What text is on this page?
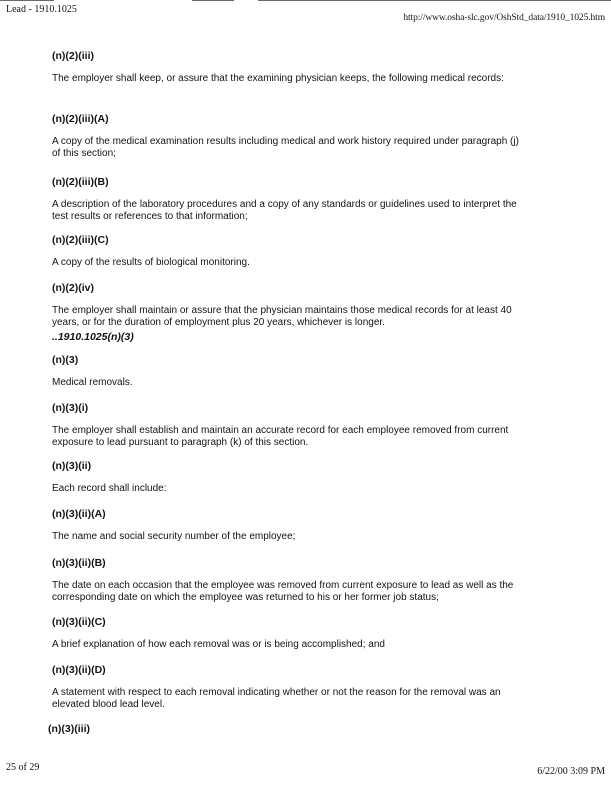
Lead - 1910.1025
http://www.osha-slc.gov/OshStd_data/1910_1025.htm
(n)(2)(iii)
The employer shall keep, or assure that the examining physician keeps, the following medical records:
(n)(2)(iii)(A)
A copy of the medical examination results including medical and work history required under paragraph (j) of this section;
(n)(2)(iii)(B)
A description of the laboratory procedures and a copy of any standards or guidelines used to interpret the test results or references to that information;
(n)(2)(iii)(C)
A copy of the results of biological monitoring.
(n)(2)(iv)
The employer shall maintain or assure that the physician maintains those medical records for at least 40 years, or for the duration of employment plus 20 years, whichever is longer.
..1910.1025(n)(3)
(n)(3)
Medical removals.
(n)(3)(i)
The employer shall establish and maintain an accurate record for each employee removed from current exposure to lead pursuant to paragraph (k) of this section.
(n)(3)(ii)
Each record shall include:
(n)(3)(ii)(A)
The name and social security number of the employee;
(n)(3)(ii)(B)
The date on each occasion that the employee was removed from current exposure to lead as well as the corresponding date on which the employee was returned to his or her former job status;
(n)(3)(ii)(C)
A brief explanation of how each removal was or is being accomplished; and
(n)(3)(ii)(D)
A statement with respect to each removal indicating whether or not the reason for the removal was an elevated blood lead level.
(n)(3)(iii)
25 of 29	6/22/00 3:09 PM
